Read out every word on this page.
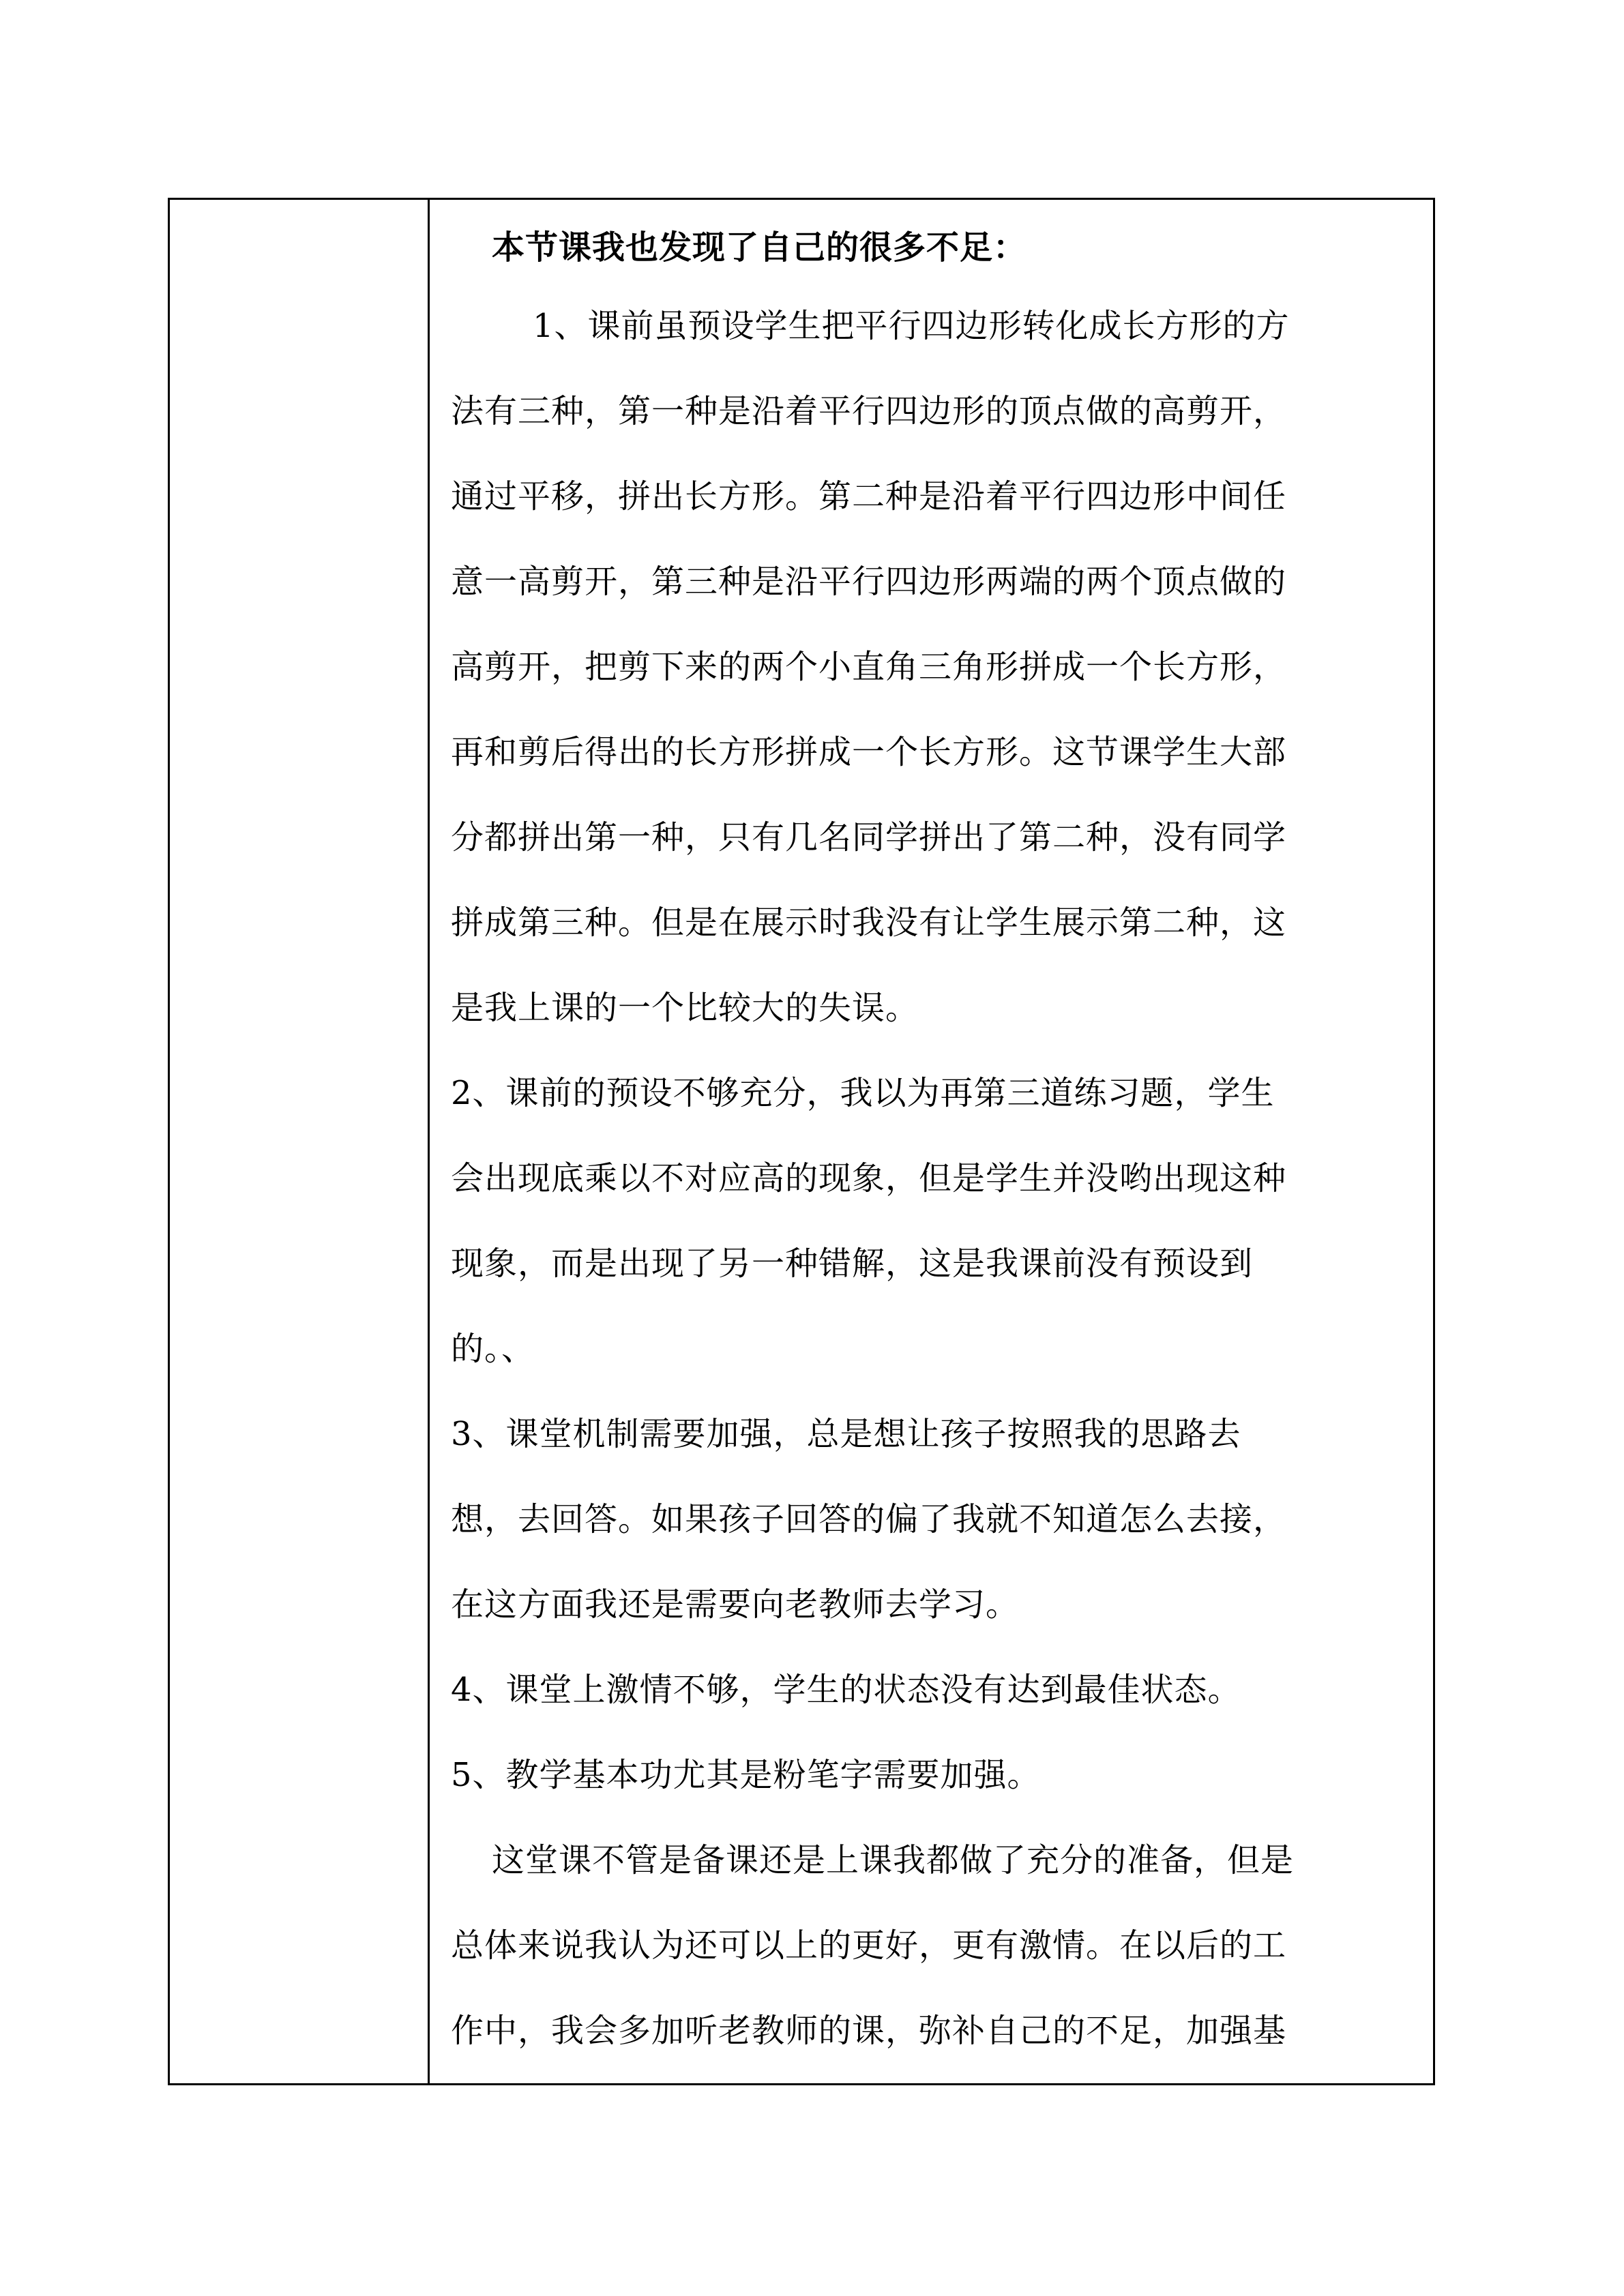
本节课我也发现了自己的很多不足：
1、课前虽预设学生把平行四边形转化成长方形的方
法有三种，第一种是沿着平行四边形的顶点做的高剪开，
通过平移，拼出长方形。第二种是沿着平行四边形中间任
意一高剪开，第三种是沿平行四边形两端的两个顶点做的
高剪开，把剪下来的两个小直角三角形拼成一个长方形，
再和剪后得出的长方形拼成一个长方形。这节课学生大部
分都拼出第一种，只有几名同学拼出了第二种，没有同学
拼成第三种。但是在展示时我没有让学生展示第二种，这
是我上课的一个比较大的失误。
2、课前的预设不够充分，我以为再第三道练习题，学生
会出现底乘以不对应高的现象，但是学生并没哟出现这种
现象，而是出现了另一种错解，这是我课前没有预设到
的。、
3、课堂机制需要加强，总是想让孩子按照我的思路去
想，去回答。如果孩子回答的偏了我就不知道怎么去接，
在这方面我还是需要向老教师去学习。
4、课堂上激情不够，学生的状态没有达到最佳状态。
5、教学基本功尤其是粉笔字需要加强。
这堂课不管是备课还是上课我都做了充分的准备，但是
总体来说我认为还可以上的更好，更有激情。在以后的工
作中，我会多加听老教师的课，弥补自己的不足，加强基
